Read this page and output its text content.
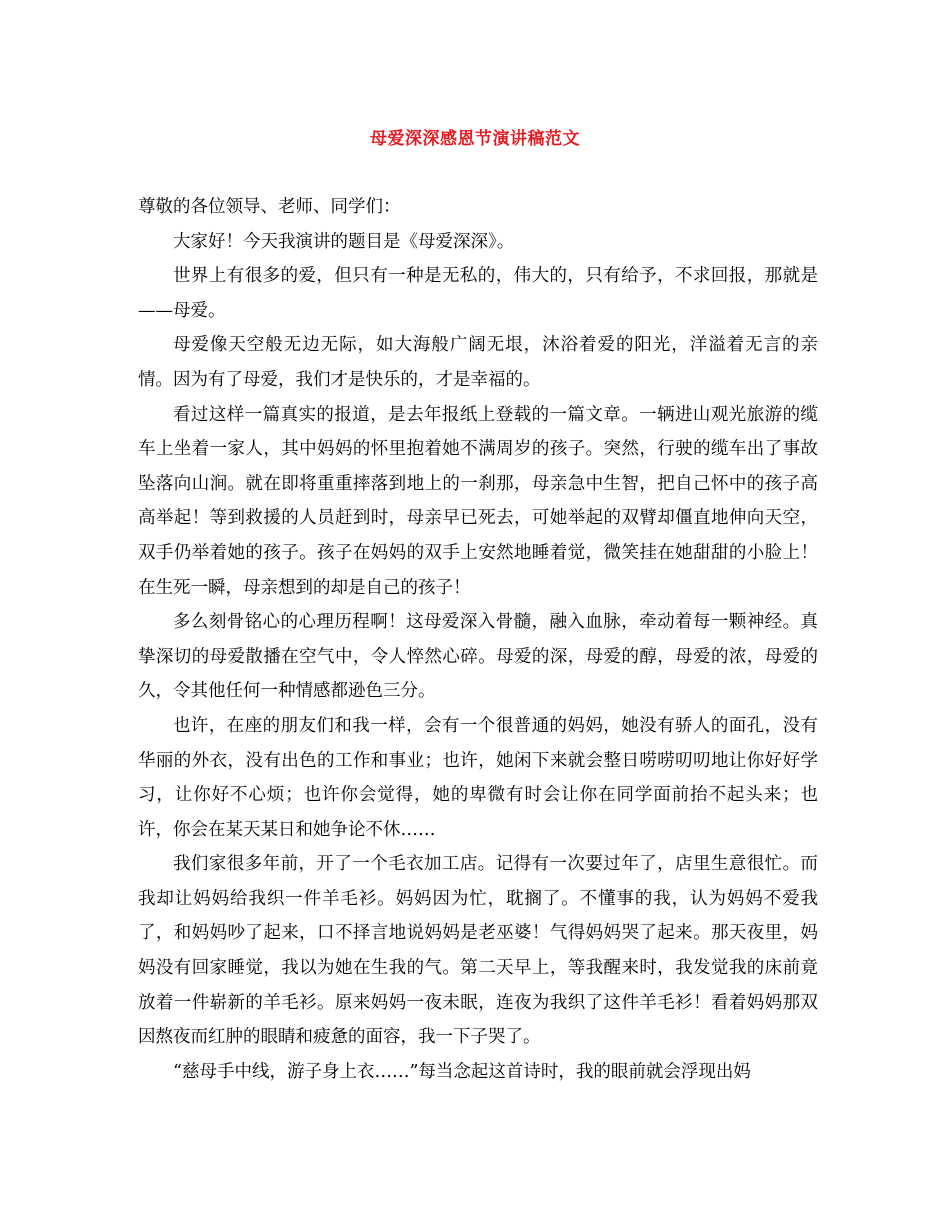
母爱深深感恩节演讲稿范文

尊敬的各位领导、老师、同学们：

大家好！今天我演讲的题目是《母爱深深》。

世界上有很多的爱，但只有一种是无私的，伟大的，只有给予，不求回报，那就是——母爱。

母爱像天空般无边无际，如大海般广阔无垠，沐浴着爱的阳光，洋溢着无言的亲情。因为有了母爱，我们才是快乐的，才是幸福的。

看过这样一篇真实的报道，是去年报纸上登载的一篇文章。一辆进山观光旅游的缆车上坐着一家人，其中妈妈的怀里抱着她不满周岁的孩子。突然，行驶的缆车出了事故坠落向山涧。就在即将重重摔落到地上的一刹那，母亲急中生智，把自己怀中的孩子高高举起！等到救援的人员赶到时，母亲早已死去，可她举起的双臂却僵直地伸向天空，双手仍举着她的孩子。孩子在妈妈的双手上安然地睡着觉，微笑挂在她甜甜的小脸上！在生死一瞬，母亲想到的却是自己的孩子！

多么刻骨铭心的心理历程啊！这母爱深入骨髓，融入血脉，牵动着每一颗神经。真挚深切的母爱散播在空气中，令人悴然心碎。母爱的深，母爱的醇，母爱的浓，母爱的久，令其他任何一种情感都逊色三分。

也许，在座的朋友们和我一样，会有一个很普通的妈妈，她没有骄人的面孔，没有华丽的外衣，没有出色的工作和事业；也许，她闲下来就会整日唠唠叨叨地让你好好学习，让你好不心烦；也许你会觉得，她的卑微有时会让你在同学面前抬不起头来；也许，你会在某天某日和她争论不休……

我们家很多年前，开了一个毛衣加工店。记得有一次要过年了，店里生意很忙。而我却让妈妈给我织一件羊毛衫。妈妈因为忙，耽搁了。不懂事的我，认为妈妈不爱我了，和妈妈吵了起来，口不择言地说妈妈是老巫婆！气得妈妈哭了起来。那天夜里，妈妈没有回家睡觉，我以为她在生我的气。第二天早上，等我醒来时，我发觉我的床前竟放着一件崭新的羊毛衫。原来妈妈一夜未眠，连夜为我织了这件羊毛衫！看着妈妈那双因熬夜而红肿的眼睛和疲惫的面容，我一下子哭了。

“慈母手中线，游子身上衣……”每当念起这首诗时，我的眼前就会浮现出妈
